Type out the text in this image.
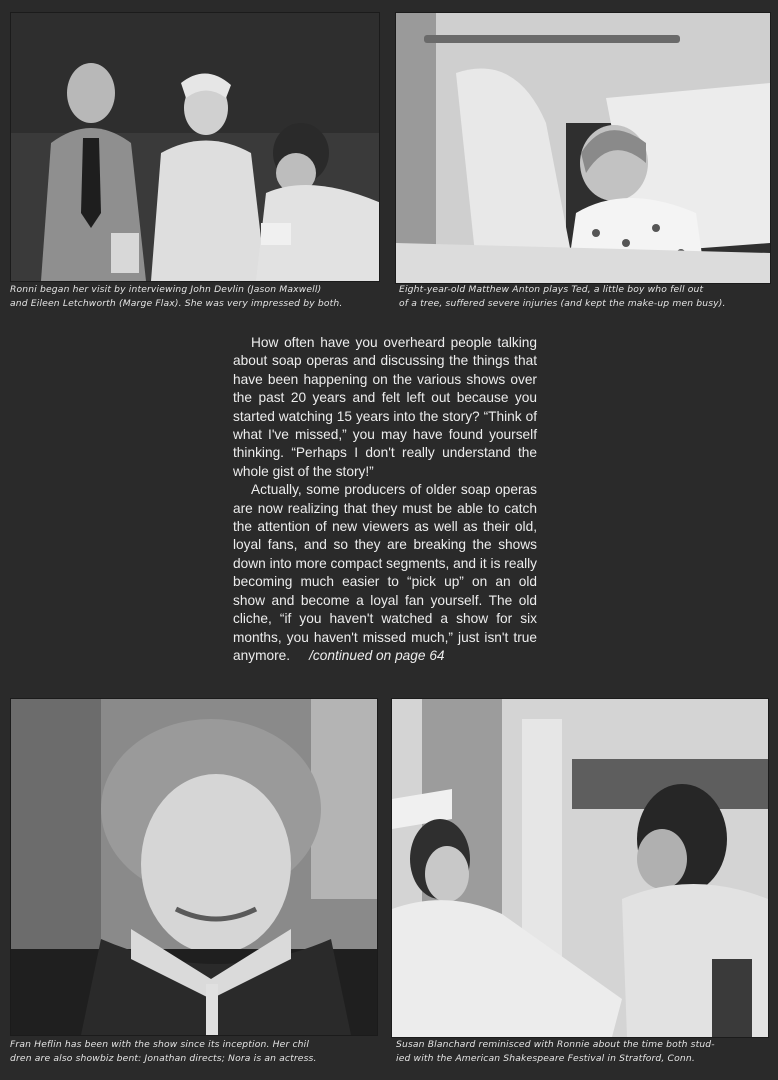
Ronni began her visit by interviewing John Devlin (Jason Maxwell)
and Eileen Letchworth (Marge Flax). She was very impressed by both.
Eight-year-old Matthew Anton plays Ted, a little boy who fell out
of a tree, suffered severe injuries (and kept the make-up men busy).

How often have you overheard people talking about soap operas and discussing the things that have been happening on the various shows over the past 20 years and felt left out because you started watching 15 years into the story? “Think of what I've missed,” you may have found yourself thinking. “Perhaps I don't really understand the whole gist of the story!”

Actually, some producers of older soap operas are now realizing that they must be able to catch the attention of new viewers as well as their old, loyal fans, and so they are breaking the shows down into more compact segments, and it is really becoming much easier to “pick up” on an old show and become a loyal fan yourself. The old cliche, “if you haven't watched a show for six months, you haven't missed much,” just isn't true anymore. /continued on page 64

Fran Heflin has been with the show since its inception. Her chil
dren are also showbiz bent: Jonathan directs; Nora is an actress.
Susan Blanchard reminisced with Ronnie about the time both stud-
ied with the American Shakespeare Festival in Stratford, Conn.
